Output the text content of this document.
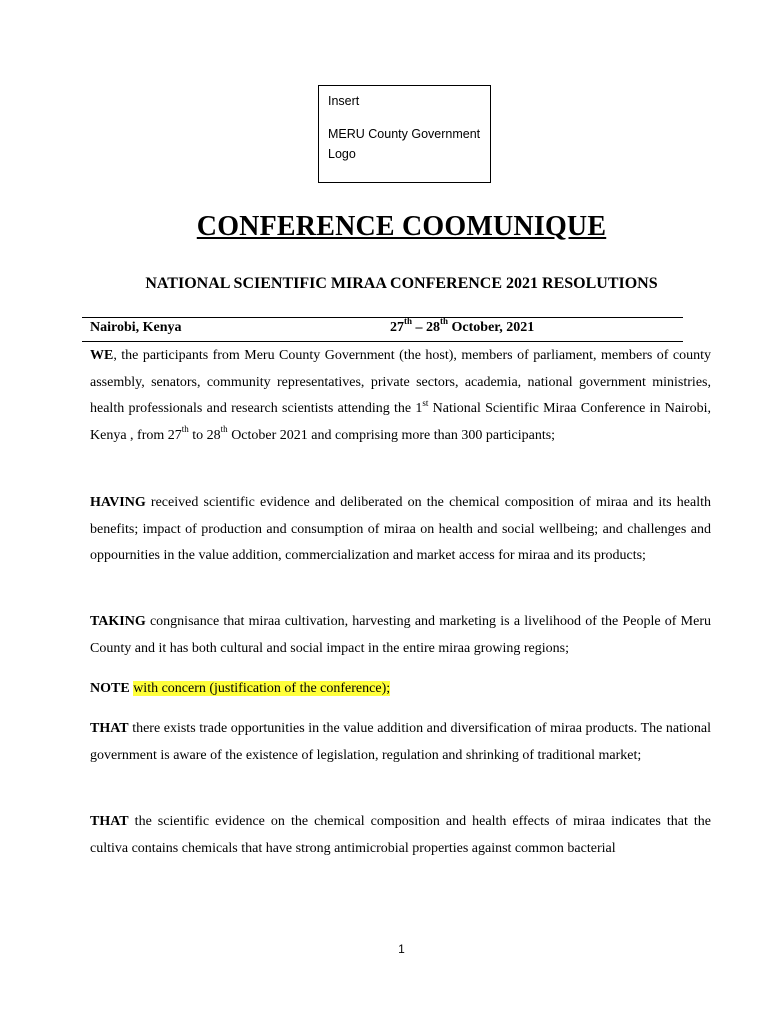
Insert
MERU County Government
Logo
CONFERENCE COOMUNIQUE
NATIONAL SCIENTIFIC MIRAA CONFERENCE 2021 RESOLUTIONS
Nairobi, Kenya	27th – 28th October, 2021
WE, the participants from Meru County Government (the host), members of parliament, members of county assembly, senators, community representatives, private sectors, academia, national government ministries, health professionals and research scientists attending the 1st National Scientific Miraa Conference in Nairobi, Kenya , from 27th to 28th October 2021 and comprising more than 300 participants;
HAVING received scientific evidence and deliberated on the chemical composition of miraa and its health benefits; impact of production and consumption of miraa on health and social wellbeing; and challenges and oppournities in the value addition, commercialization and market access for miraa and its products;
TAKING congnisance that miraa cultivation, harvesting and marketing is a livelihood of the People of Meru County and it has both cultural and social impact in the entire miraa growing regions;
NOTE with concern (justification of the conference);
THAT there exists trade opportunities in the value addition and diversification of miraa products. The national government is aware of the existence of legislation, regulation and shrinking of traditional market;
THAT the scientific evidence on the chemical composition and health effects of miraa indicates that the cultiva contains chemicals that have strong antimicrobial properties against common bacterial
1
